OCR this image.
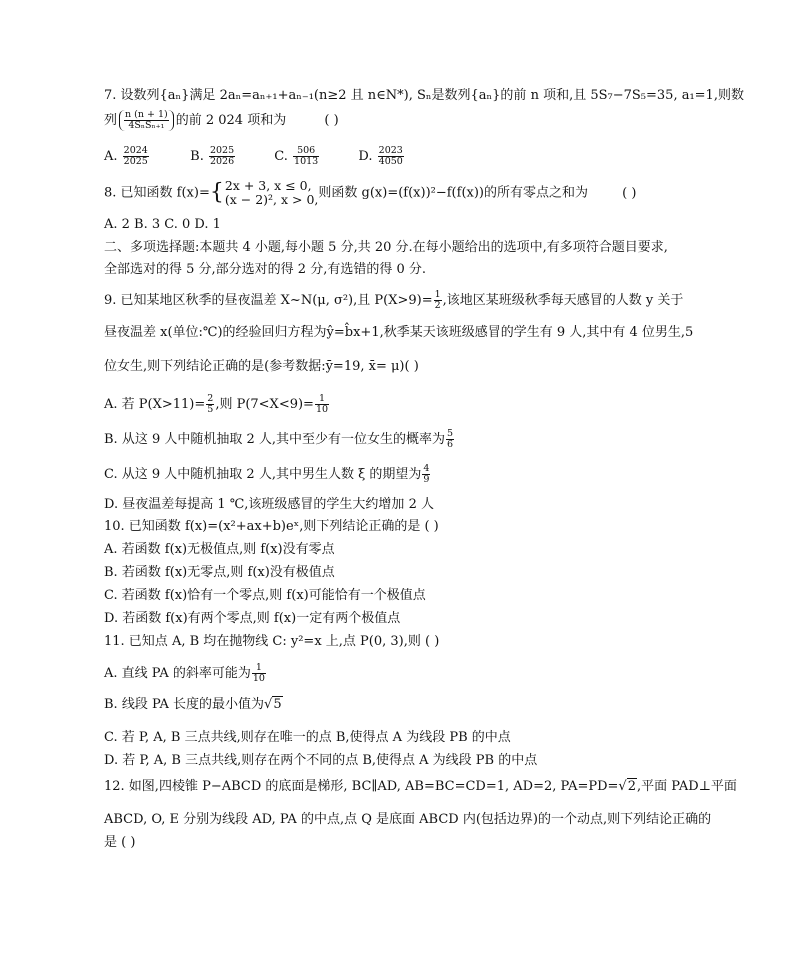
7. 设数列{aₙ}满足 2aₙ=aₙ₊₁+aₙ₋₁(n≥2 且 n∈N*), Sₙ是数列{aₙ}的前 n 项和,且 5S₇−7S₅=35, a₁=1,则数
列 $\frac{n (n + 1)}{\text{4SₙSₙ₊₁}}$ 的前 2 024 项和为	( )
A. $\frac{2024}{2025}$	B. $\frac{2025}{2026}$	C. $\frac{506}{1013}$	D. $\frac{2023}{4050}$
8. 已知函数 f(x)={ 2x + 3, x ≤ 0,
(x − 2)², x > 0, 则函数 g(x)=(f(x))²−f(f(x))的所有零点之和为	( )
A. 2 B. 3 C. 0 D. 1
二、多项选择题:本题共 4 小题,每小题 5 分,共 20 分.在每小题给出的选项中,有多项符合题目要求,
全部选对的得 5 分,部分选对的得 2 分,有选错的得 0 分.
9. 已知某地区秋季的昼夜温差 X~N(μ, σ²),且 $P(X>9)= \frac{1}{2}$ ,该地区某班级秋季每天感冒的人数 y 关于
昼夜温差 x(单位:℃)的经验回归方程为ŷ=b̂x+1,秋季某天该班级感冒的学生有 9 人,其中有 4 位男生,5
位女生,则下列结论正确的是(参考数据:ȳ=19, x̄= μ)( )
A. 若 $P(X>11)= \frac{2}{5}$ ,则 $P(7<X<9)= \frac{1}{10}$
B. 从这 9 人中随机抽取 2 人,其中至少有一位女生的概率为 $\frac{5}{6}$
C. 从这 9 人中随机抽取 2 人,其中男生人数 ξ 的期望为 $\frac{4}{9}$
D. 昼夜温差每提高 1 ℃,该班级感冒的学生大约增加 2 人
10. 已知函数 f(x)=(x²+ax+b)eˣ,则下列结论正确的是 ( )
A. 若函数 f(x)无极值点,则 f(x)没有零点
B. 若函数 f(x)无零点,则 f(x)没有极值点
C. 若函数 f(x)恰有一个零点,则 f(x)可能恰有一个极值点
D. 若函数 f(x)有两个零点,则 f(x)一定有两个极值点
11. 已知点 A, B 均在抛物线 C: y²=x 上,点 P(0, 3),则 ( )
A. 直线 PA 的斜率可能为 $\frac{1}{10}$
B. 线段 PA 长度的最小值为√5
C. 若 P, A, B 三点共线,则存在唯一的点 B,使得点 A 为线段 PB 的中点
D. 若 P, A, B 三点共线,则存在两个不同的点 B,使得点 A 为线段 PB 的中点
12. 如图,四棱锥 P−ABCD 的底面是梯形, BC∥AD, AB=BC=CD=1, AD=2, PA=PD=√2,平面 PAD⊥平面
ABCD, O, E 分别为线段 AD, PA 的中点,点 Q 是底面 ABCD 内(包括边界)的一个动点,则下列结论正确的
是 ( )
